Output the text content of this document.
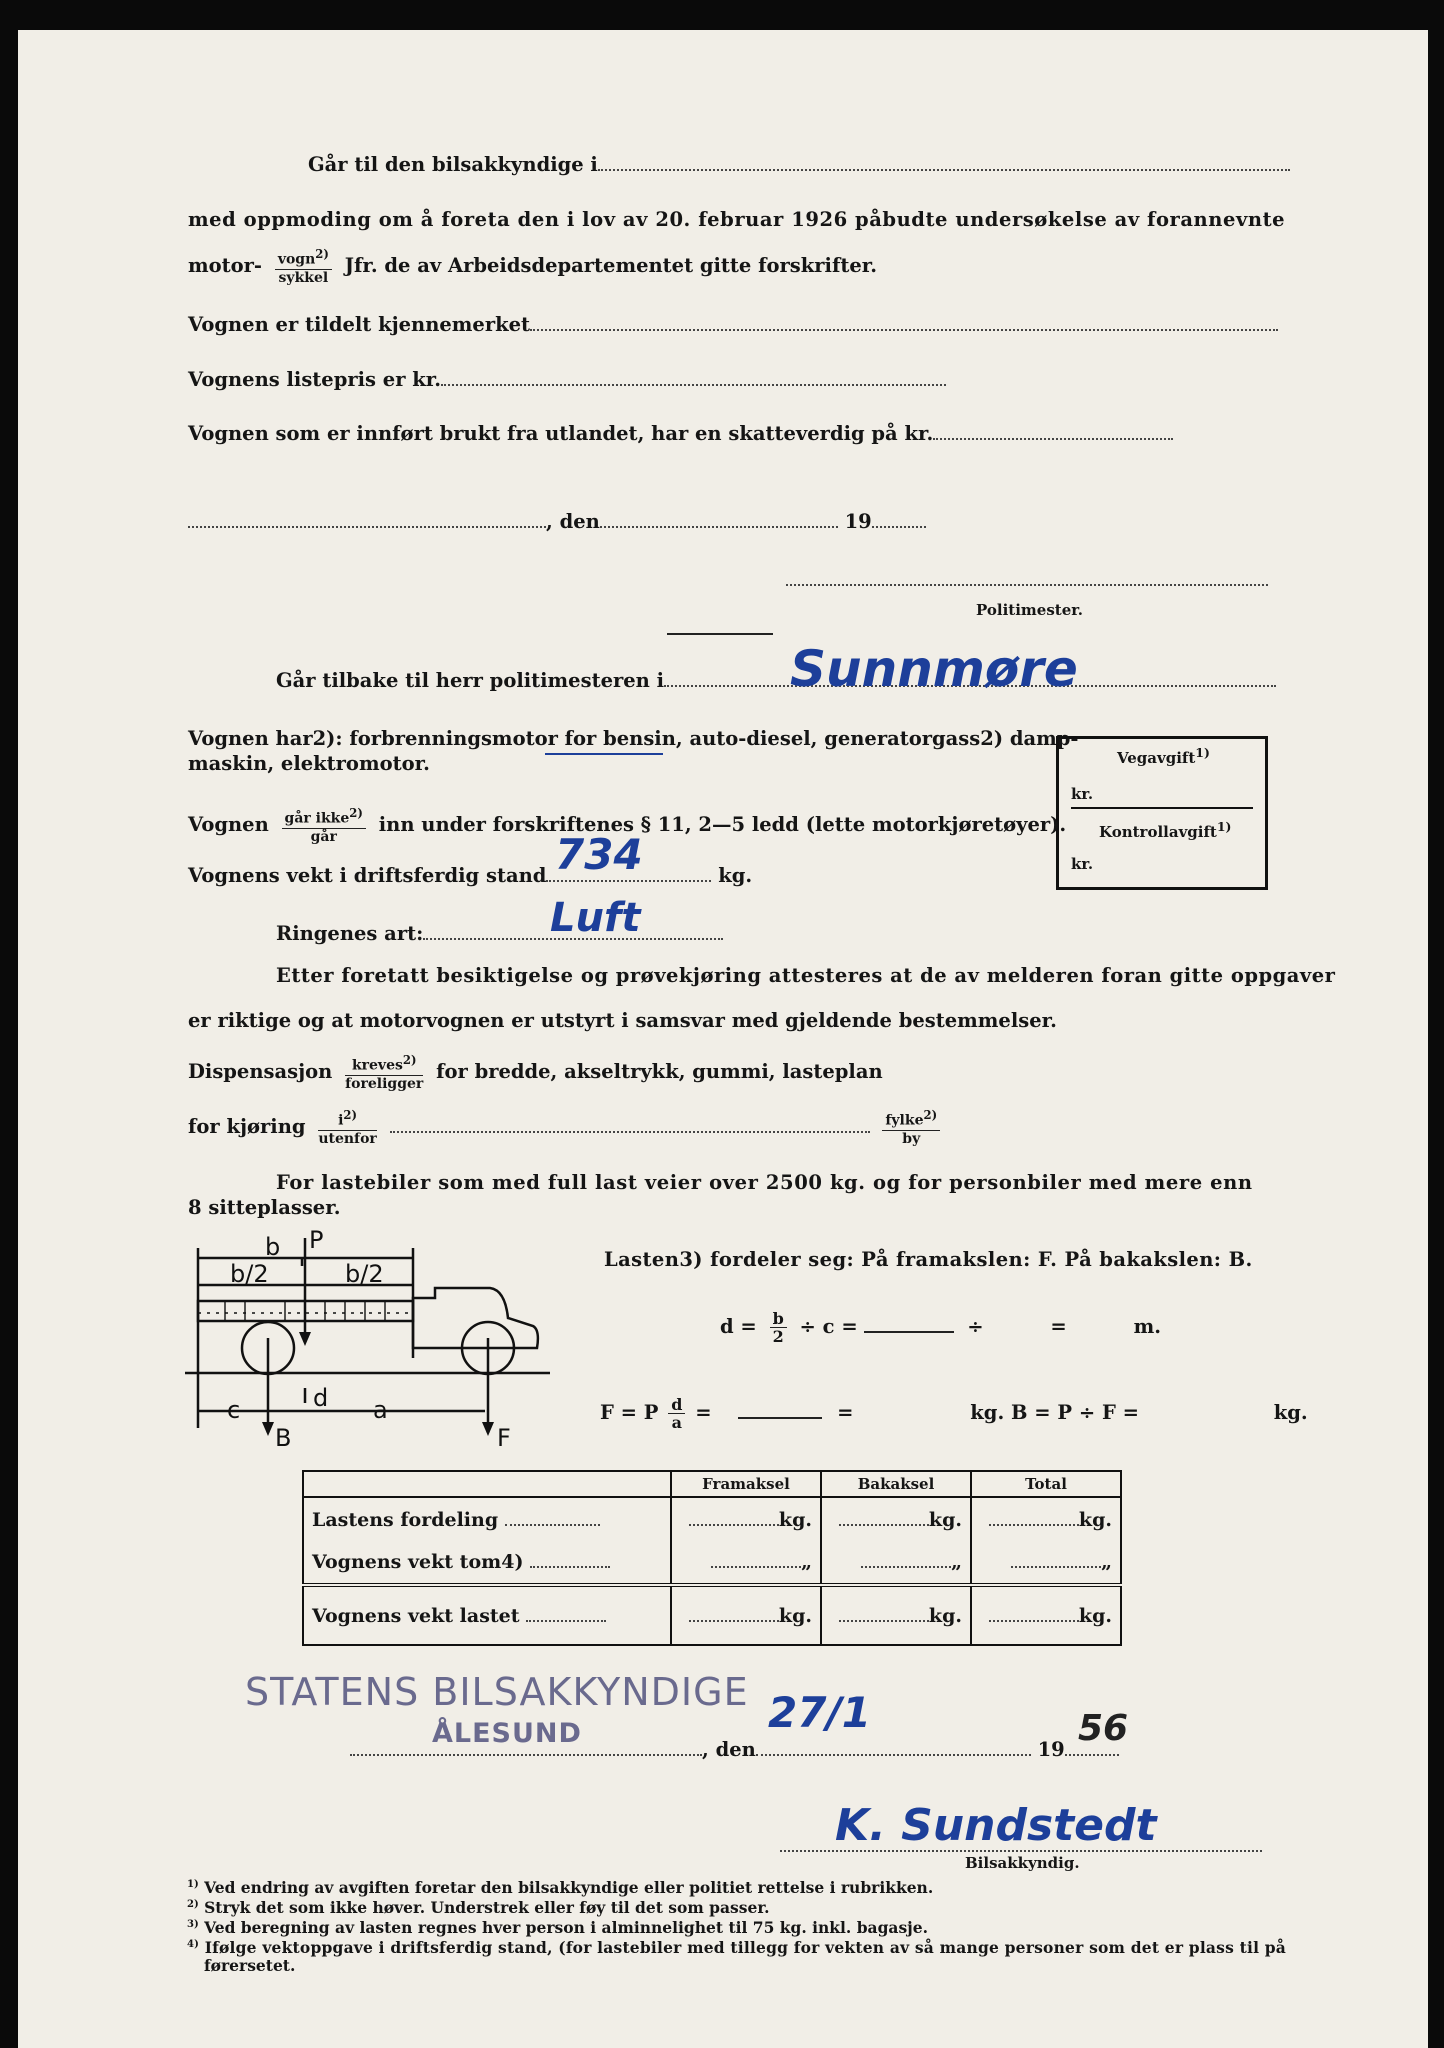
Går til den bilsakkyndige i
med oppmoding om å foreta den i lov av 20. februar 1926 påbudte undersøkelse av forannevnte
motor- $\frac{vogn^{2)}}{\text{sykkel}}$ Jfr. de av Arbeidsdepartementet gitte forskrifter.
Vognen er tildelt kjennemerket
Vognens listepris er kr.
Vognen som er innført brukt fra utlandet, har en skatteverdig på kr.
, den	19
Politimester.
Går tilbake til herr politimesteren i	Sunnmøre
Vognen har2): forbrenningsmotor for bensin, auto-diesel, generatorgass2) damp-
maskin, elektromotor.	Vegavgift$^{1)}$
kr.
Kontrollavgift$^{1)}$
kr.
Vognen $\frac{går ikke^{2)}}{\text{går}}$ inn under forskriftenes § 11, 2—5 ledd (lette motorkjøretøyer).
Vognens vekt i driftsferdig stand	kg.
734
Ringenes art:	Luft
Etter foretatt besiktigelse og prøvekjøring attesteres at de av melderen foran gitte oppgaver
er riktige og at motorvognen er utstyrt i samsvar med gjeldende bestemmelser.
Dispensasjon $\frac{kreves^{2)}}{\text{foreligger}}$ for bredde, akseltrykk, gummi, lasteplan
for kjøring $\frac{i^{2)}}{\text{utenfor}}$
	$\frac{fylke^{2)}}{by}$
For lastebiler som med full last veier over 2500 kg. og for personbiler med mere enn
8 sitteplasser.
P
b
b/2	b/2
c	d a
B	F
Lasten3) fordeler seg: På framakslen: F. På bakakslen: B.
$d = \frac{b}{2} \div c$ =	÷	=	m.
F = P $\frac{d}{a}$ =	=	kg. B = P ÷ F =	kg.
	Framaksel	Bakaksel	Total
Lastens fordeling	kg.	kg.	kg.
Vognens vekt tom4)	„	„	„
Vognens vekt lastet	kg.	kg.	kg.
STATENS BILSAKKYNDIGE
ÅLESUND
, den	19
27/1	56
K. Sundstedt
Bilsakkyndig.
$^{1)}$ Ved endring av avgiften foretar den bilsakkyndige eller politiet rettelse i rubrikken.
$^{2)}$ Stryk det som ikke høver. Understrek eller føy til det som passer.
$^{3)}$ Ved beregning av lasten regnes hver person i alminnelighet til 75 kg. inkl. bagasje.
$^{4)}$ Ifølge vektoppgave i driftsferdig stand, (for lastebiler med tillegg for vekten av så mange personer som det er plass til på
førersetet.
